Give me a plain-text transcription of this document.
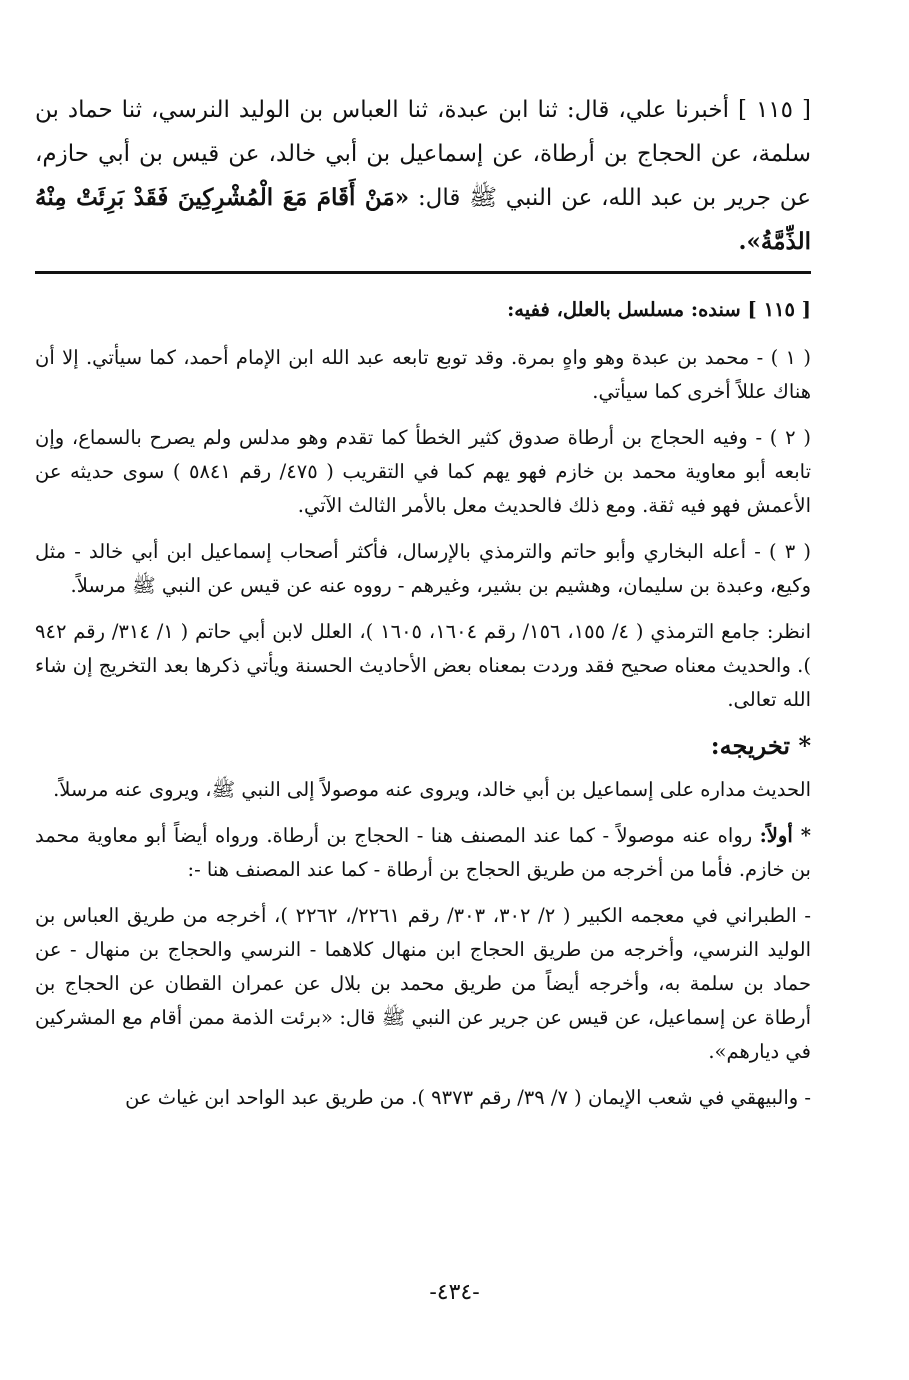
[ ١١٥ ] أخبرنا علي، قال: ثنا ابن عبدة، ثنا العباس بن الوليد النرسي، ثنا حماد بن سلمة، عن الحجاج بن أرطاة، عن إسماعيل بن أبي خالد، عن قيس بن أبي حازم، عن جرير بن عبد الله، عن النبي ﷺ قال: «مَنْ أَقَامَ مَعَ الْمُشْرِكِينَ فَقَدْ بَرِئَتْ مِنْهُ الذِّمَّةُ».

[ ١١٥ ] سنده: مسلسل بالعلل، ففيه:

( ١ ) - محمد بن عبدة وهو واهٍ بمرة. وقد توبع تابعه عبد الله ابن الإمام أحمد، كما سيأتي. إلا أن هناك عللاً أخرى كما سيأتي.

( ٢ ) - وفيه الحجاج بن أرطاة صدوق كثير الخطأ كما تقدم وهو مدلس ولم يصرح بالسماع، وإن تابعه أبو معاوية محمد بن خازم فهو يهم كما في التقريب ( ٤٧٥/ رقم ٥٨٤١ ) سوى حديثه عن الأعمش فهو فيه ثقة. ومع ذلك فالحديث معل بالأمر الثالث الآتي.

( ٣ ) - أعله البخاري وأبو حاتم والترمذي بالإرسال، فأكثر أصحاب إسماعيل ابن أبي خالد - مثل وكيع، وعبدة بن سليمان، وهشيم بن بشير، وغيرهم - رووه عنه عن قيس عن النبي ﷺ مرسلاً.

انظر: جامع الترمذي ( ٤/ ١٥٥، ١٥٦/ رقم ١٦٠٤، ١٦٠٥ )، العلل لابن أبي حاتم ( ١/ ٣١٤/ رقم ٩٤٢ ). والحديث معناه صحيح فقد وردت بمعناه بعض الأحاديث الحسنة ويأتي ذكرها بعد التخريج إن شاء الله تعالى.

* تخريجه:

الحديث مداره على إسماعيل بن أبي خالد، ويروى عنه موصولاً إلى النبي ﷺ، ويروى عنه مرسلاً.

* أولاً: رواه عنه موصولاً - كما عند المصنف هنا - الحجاج بن أرطاة. ورواه أيضاً أبو معاوية محمد بن خازم. فأما من أخرجه من طريق الحجاج بن أرطاة - كما عند المصنف هنا -:

- الطبراني في معجمه الكبير ( ٢/ ٣٠٢، ٣٠٣/ رقم ٢٢٦١/، ٢٢٦٢ )، أخرجه من طريق العباس بن الوليد النرسي، وأخرجه من طريق الحجاج ابن منهال كلاهما - النرسي والحجاج بن منهال - عن حماد بن سلمة به، وأخرجه أيضاً من طريق محمد بن بلال عن عمران القطان عن الحجاج بن أرطاة عن إسماعيل، عن قيس عن جرير عن النبي ﷺ قال: «برئت الذمة ممن أقام مع المشركين في ديارهم».

- والبيهقي في شعب الإيمان ( ٧/ ٣٩/ رقم ٩٣٧٣ ). من طريق عبد الواحد ابن غياث عن

-٤٣٤-
